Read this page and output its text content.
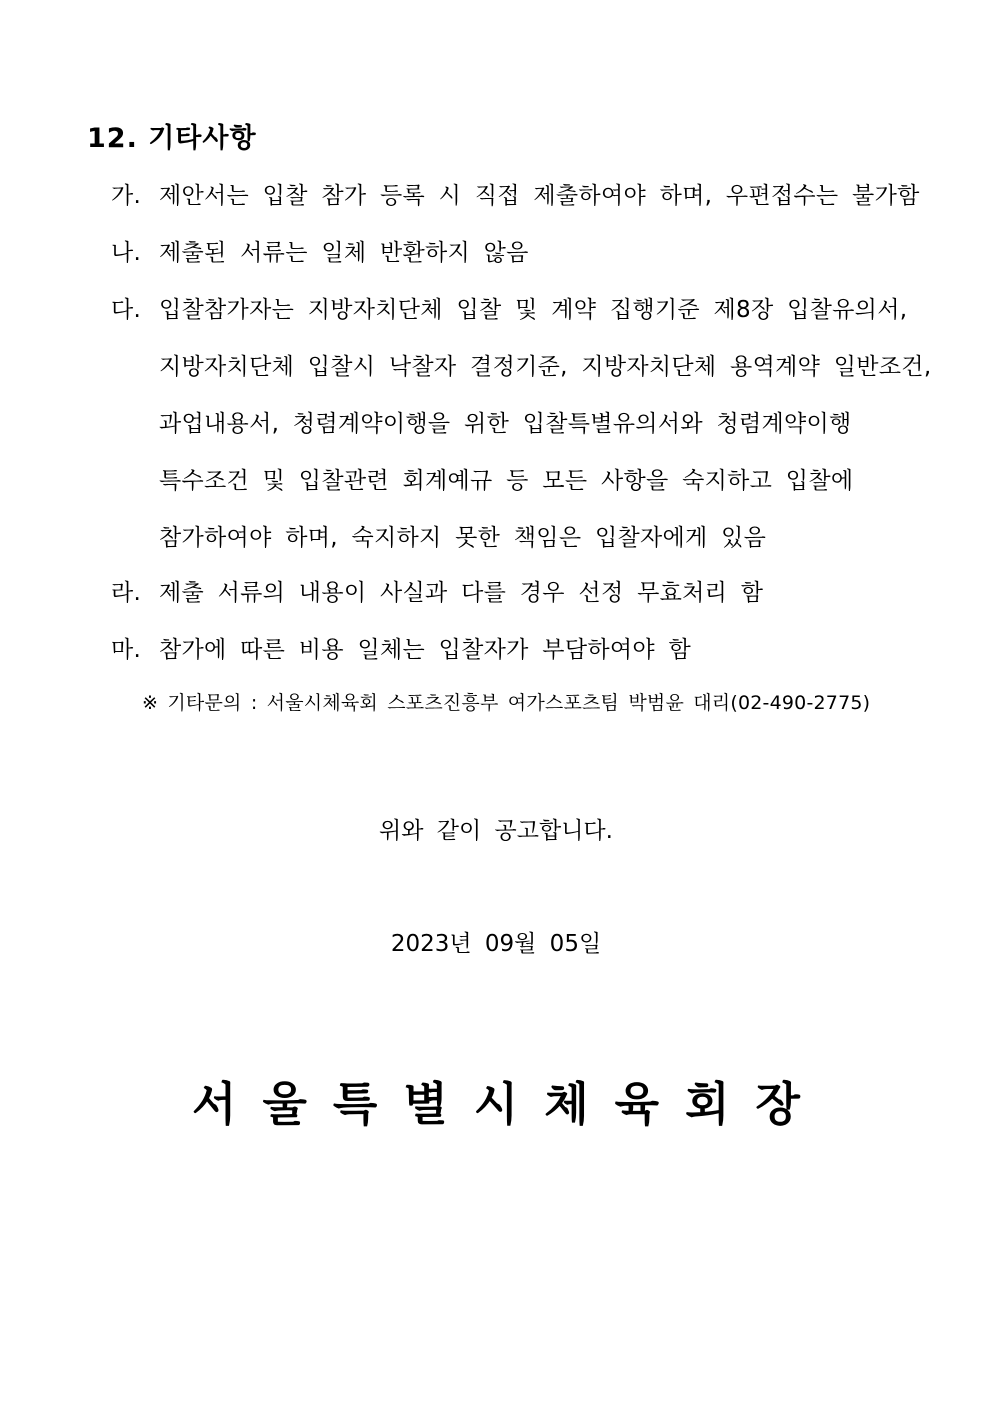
12. 기타사항
가. 제안서는 입찰 참가 등록 시 직접 제출하여야 하며, 우편접수는 불가함
나. 제출된 서류는 일체 반환하지 않음
다. 입찰참가자는 지방자치단체 입찰 및 계약 집행기준 제8장 입찰유의서,
지방자치단체 입찰시 낙찰자 결정기준, 지방자치단체 용역계약 일반조건,
과업내용서, 청렴계약이행을 위한 입찰특별유의서와 청렴계약이행
특수조건 및 입찰관련 회계예규 등 모든 사항을 숙지하고 입찰에
참가하여야 하며, 숙지하지 못한 책임은 입찰자에게 있음
라. 제출 서류의 내용이 사실과 다를 경우 선정 무효처리 함
마. 참가에 따른 비용 일체는 입찰자가 부담하여야 함
※ 기타문의 : 서울시체육회 스포츠진흥부 여가스포츠팀 박범윤 대리(02-490-2775)
위와 같이 공고합니다.
2023년 09월 05일
서울특별시체육회장
